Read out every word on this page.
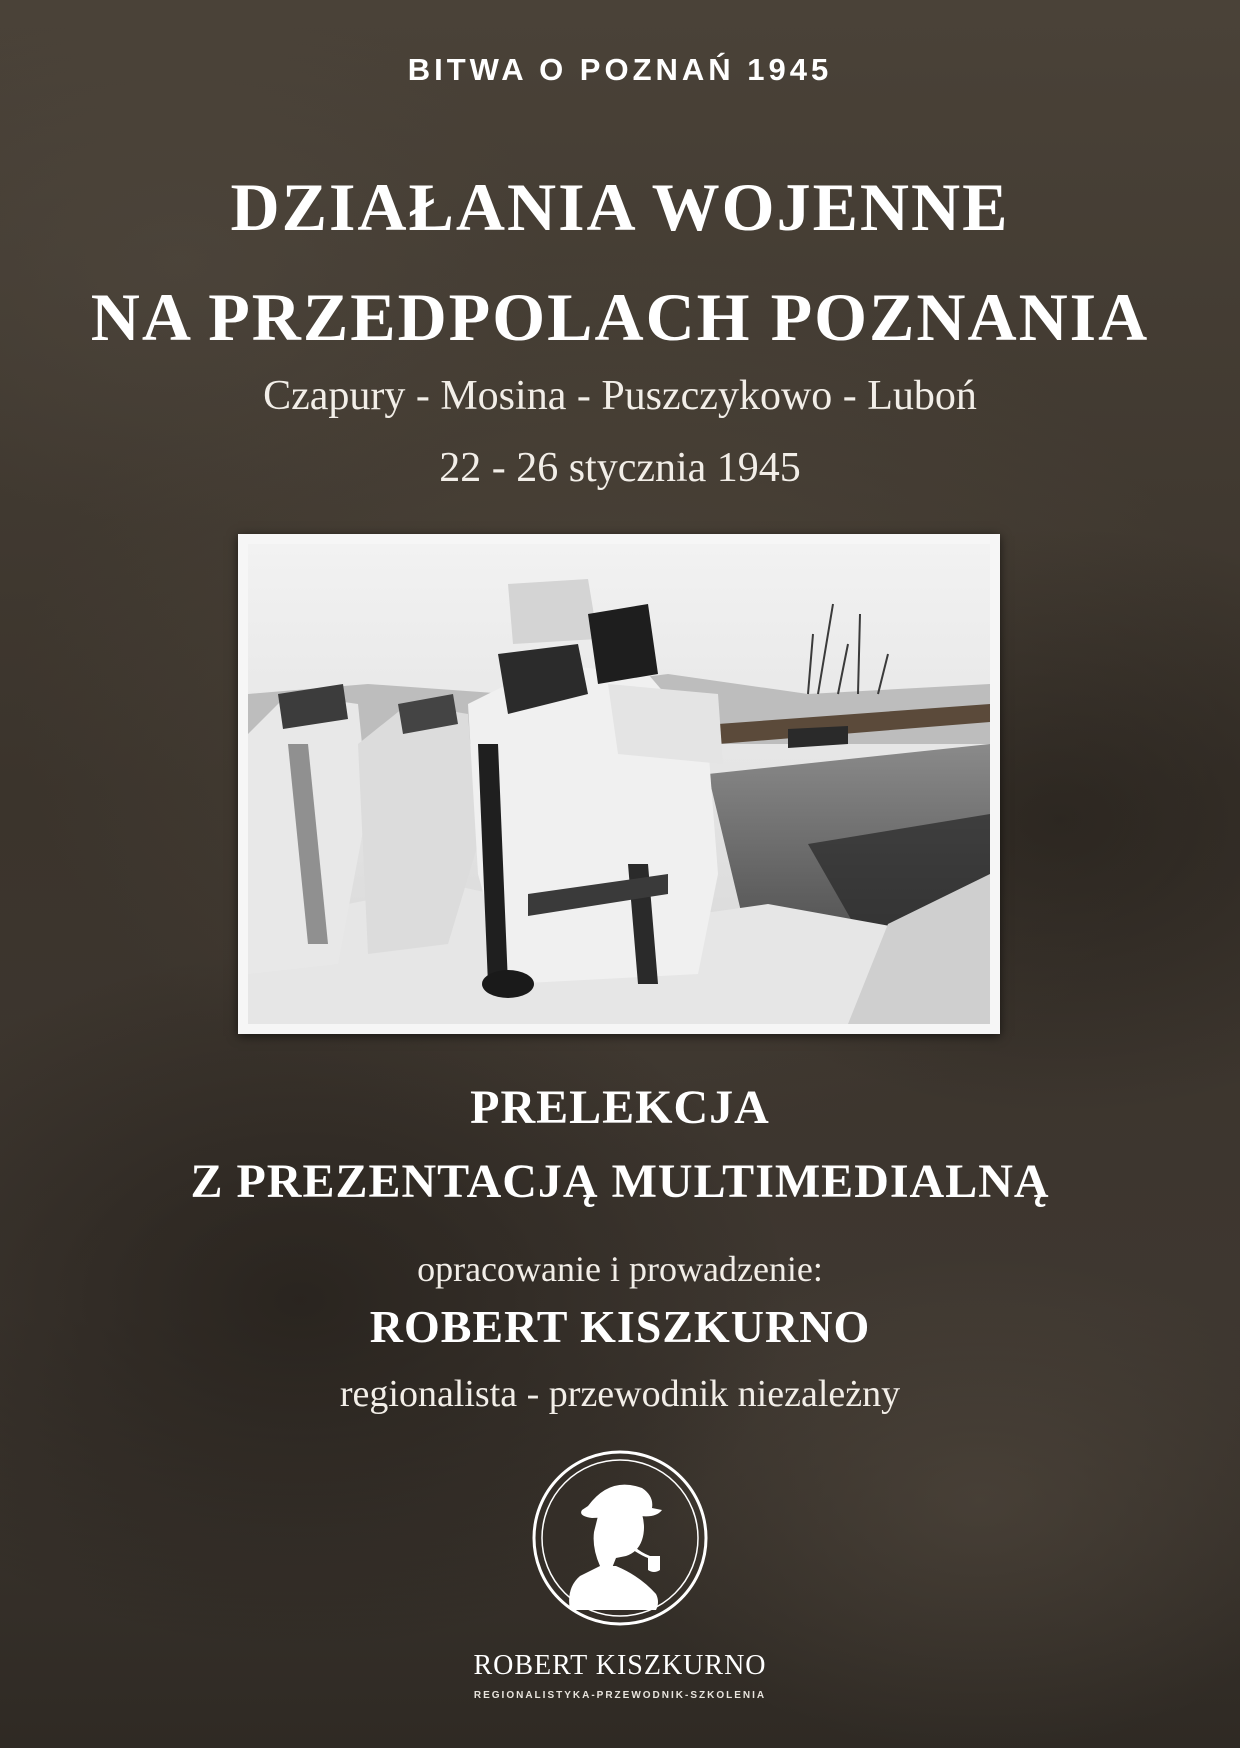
BITWA O POZNAŃ 1945
DZIAŁANIA WOJENNE
NA PRZEDPOLACH POZNANIA
Czapury - Mosina - Puszczykowo - Luboń
22 - 26 stycznia 1945
PRELEKCJA
Z PREZENTACJĄ MULTIMEDIALNĄ
opracowanie i prowadzenie:
ROBERT KISZKURNO
regionalista - przewodnik niezależny
ROBERT KISZKURNO
REGIONALISTYKA-PRZEWODNIK-SZKOLENIA
